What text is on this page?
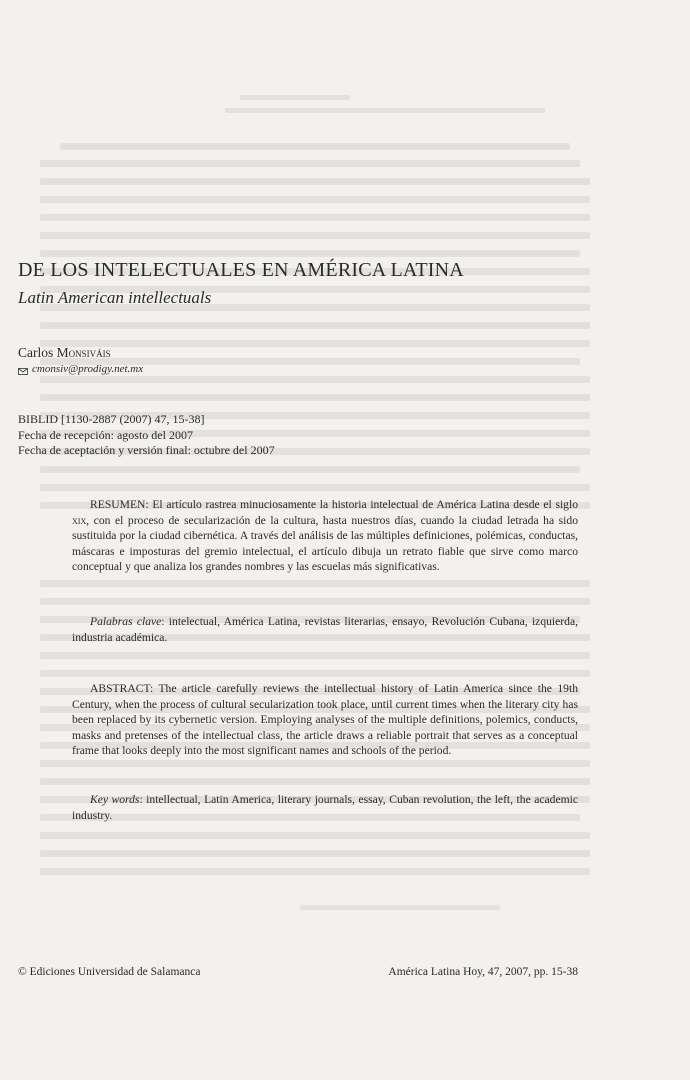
DE LOS INTELECTUALES EN AMÉRICA LATINA
Latin American intellectuals
Carlos Monsiváis
cmonsiv@prodigy.net.mx
BIBLID [1130-2887 (2007) 47, 15-38]
Fecha de recepción: agosto del 2007
Fecha de aceptación y versión final: octubre del 2007

RESUMEN: El artículo rastrea minuciosamente la historia intelectual de América Latina desde el siglo xix, con el proceso de secularización de la cultura, hasta nuestros días, cuando la ciudad letrada ha sido sustituida por la ciudad cibernética. A través del análisis de las múltiples definiciones, polémicas, conductas, máscaras e imposturas del gremio intelectual, el artículo dibuja un retrato fiable que sirve como marco conceptual y que analiza los grandes nombres y las escuelas más significativas.

Palabras clave: intelectual, América Latina, revistas literarias, ensayo, Revolución Cubana, izquierda, industria académica.

ABSTRACT: The article carefully reviews the intellectual history of Latin America since the 19th Century, when the process of cultural secularization took place, until current times when the literary city has been replaced by its cybernetic version. Employing analyses of the multiple definitions, polemics, conducts, masks and pretenses of the intellectual class, the article draws a reliable portrait that serves as a conceptual frame that looks deeply into the most significant names and schools of the period.

Key words: intellectual, Latin America, literary journals, essay, Cuban revolution, the left, the academic industry.

© Ediciones Universidad de Salamanca	América Latina Hoy, 47, 2007, pp. 15-38
